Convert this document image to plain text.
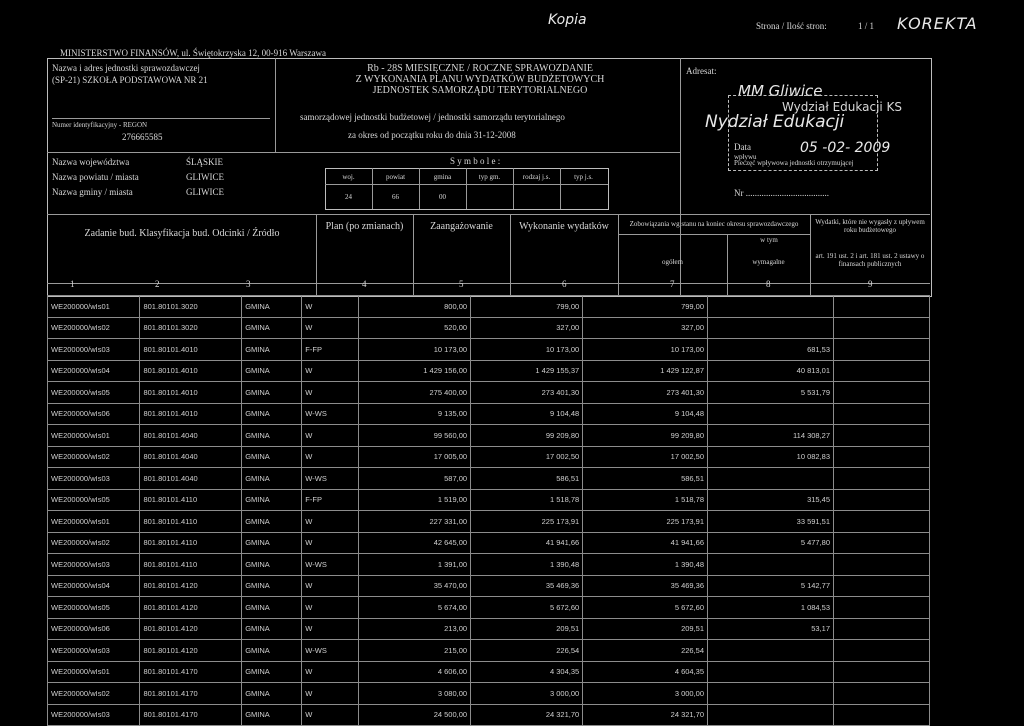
Kopia	Strona / Ilość stron:	1 / 1 KOREKTA
MINISTERSTWO FINANSÓW, ul. Świętokrzyska 12, 00-916 Warszawa
Nazwa i adres jednostki sprawozdawczej
(SP-21) SZKOŁA PODSTAWOWA NR 21
Numer identyfikacyjny - REGON
276665585
Rb - 28S MIESIĘCZNE / ROCZNE SPRAWOZDANIE
Z WYKONANIA PLANU WYDATKÓW BUDŻETOWYCH
JEDNOSTEK SAMORZĄDU TERYTORIALNEGO
samorządowej jednostki budżetowej / jednostki samorządu terytorialnego
za okres od początku roku do dnia 31-12-2008
Adresat:
MM Gliwice
Wydział Edukacji KS
Nydział Edukacji
Data	05 -02- 2009
wpływu
Pieczęć wpływowa jednostki otrzymującej
Nr .....................................
Nazwa województwa	ŚLĄSKIE
Nazwa powiatu / miasta	GLIWICE
Nazwa gminy / miasta	GLIWICE
S y m b o l e :
woj.	powiat	gmina	typ gm.	rodzaj j.s.	typ j.s.
24	66	00
Zadanie bud. Klasyfikacja bud. Odcinki / Źródło
Plan (po zmianach)	Zaangażowanie	Wykonanie wydatków	Zobowiązania wg stanu na koniec okresu sprawozdawczego
w tym
ogółem	wymagalne
Wydatki, które nie wygasły z upływem roku budżetowego
art. 191 ust. 2 i art. 181 ust. 2 ustawy o finansach publicznych
1	2	3	4	5	6	7	8	9
WE200000/wIs01	801.80101.3020	GMINA	W	800,00	799,00	799,00		
WE200000/wIs02	801.80101.3020	GMINA	W	520,00	327,00	327,00		
WE200000/wIs03	801.80101.4010	GMINA	F-FP	10 173,00	10 173,00	10 173,00	681,53	
WE200000/wIs04	801.80101.4010	GMINA	W	1 429 156,00	1 429 155,37	1 429 122,87	40 813,01	
WE200000/wIs05	801.80101.4010	GMINA	W	275 400,00	273 401,30	273 401,30	5 531,79	
WE200000/wIs06	801.80101.4010	GMINA	W-WS	9 135,00	9 104,48	9 104,48		
WE200000/wIs01	801.80101.4040	GMINA	W	99 560,00	99 209,80	99 209,80	114 308,27	
WE200000/wIs02	801.80101.4040	GMINA	W	17 005,00	17 002,50	17 002,50	10 082,83	
WE200000/wIs03	801.80101.4040	GMINA	W-WS	587,00	586,51	586,51		
WE200000/wIs05	801.80101.4110	GMINA	F-FP	1 519,00	1 518,78	1 518,78	315,45	
WE200000/wIs01	801.80101.4110	GMINA	W	227 331,00	225 173,91	225 173,91	33 591,51	
WE200000/wIs02	801.80101.4110	GMINA	W	42 645,00	41 941,66	41 941,66	5 477,80	
WE200000/wIs03	801.80101.4110	GMINA	W-WS	1 391,00	1 390,48	1 390,48		
WE200000/wIs04	801.80101.4120	GMINA	W	35 470,00	35 469,36	35 469,36	5 142,77	
WE200000/wIs05	801.80101.4120	GMINA	W	5 674,00	5 672,60	5 672,60	1 084,53	
WE200000/wIs06	801.80101.4120	GMINA	W	213,00	209,51	209,51	53,17	
WE200000/wIs03	801.80101.4120	GMINA	W-WS	215,00	226,54	226,54		
WE200000/wIs01	801.80101.4170	GMINA	W	4 606,00	4 304,35	4 604,35		
WE200000/wIs02	801.80101.4170	GMINA	W	3 080,00	3 000,00	3 000,00		
WE200000/wIs03	801.80101.4170	GMINA	W	24 500,00	24 321,70	24 321,70		
